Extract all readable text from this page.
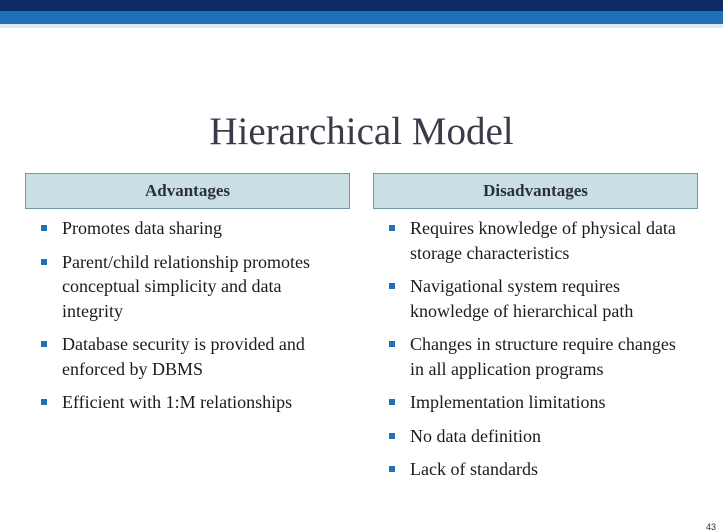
Hierarchical Model
Advantages	Disadvantages
Promotes data sharing
Parent/child relationship promotes conceptual simplicity and data integrity
Database security is provided and enforced by DBMS
Efficient with 1:M relationships
Requires knowledge of physical data storage characteristics
Navigational system requires knowledge of hierarchical path
Changes in structure require changes in all application programs
Implementation limitations
No data definition
Lack of standards
43
